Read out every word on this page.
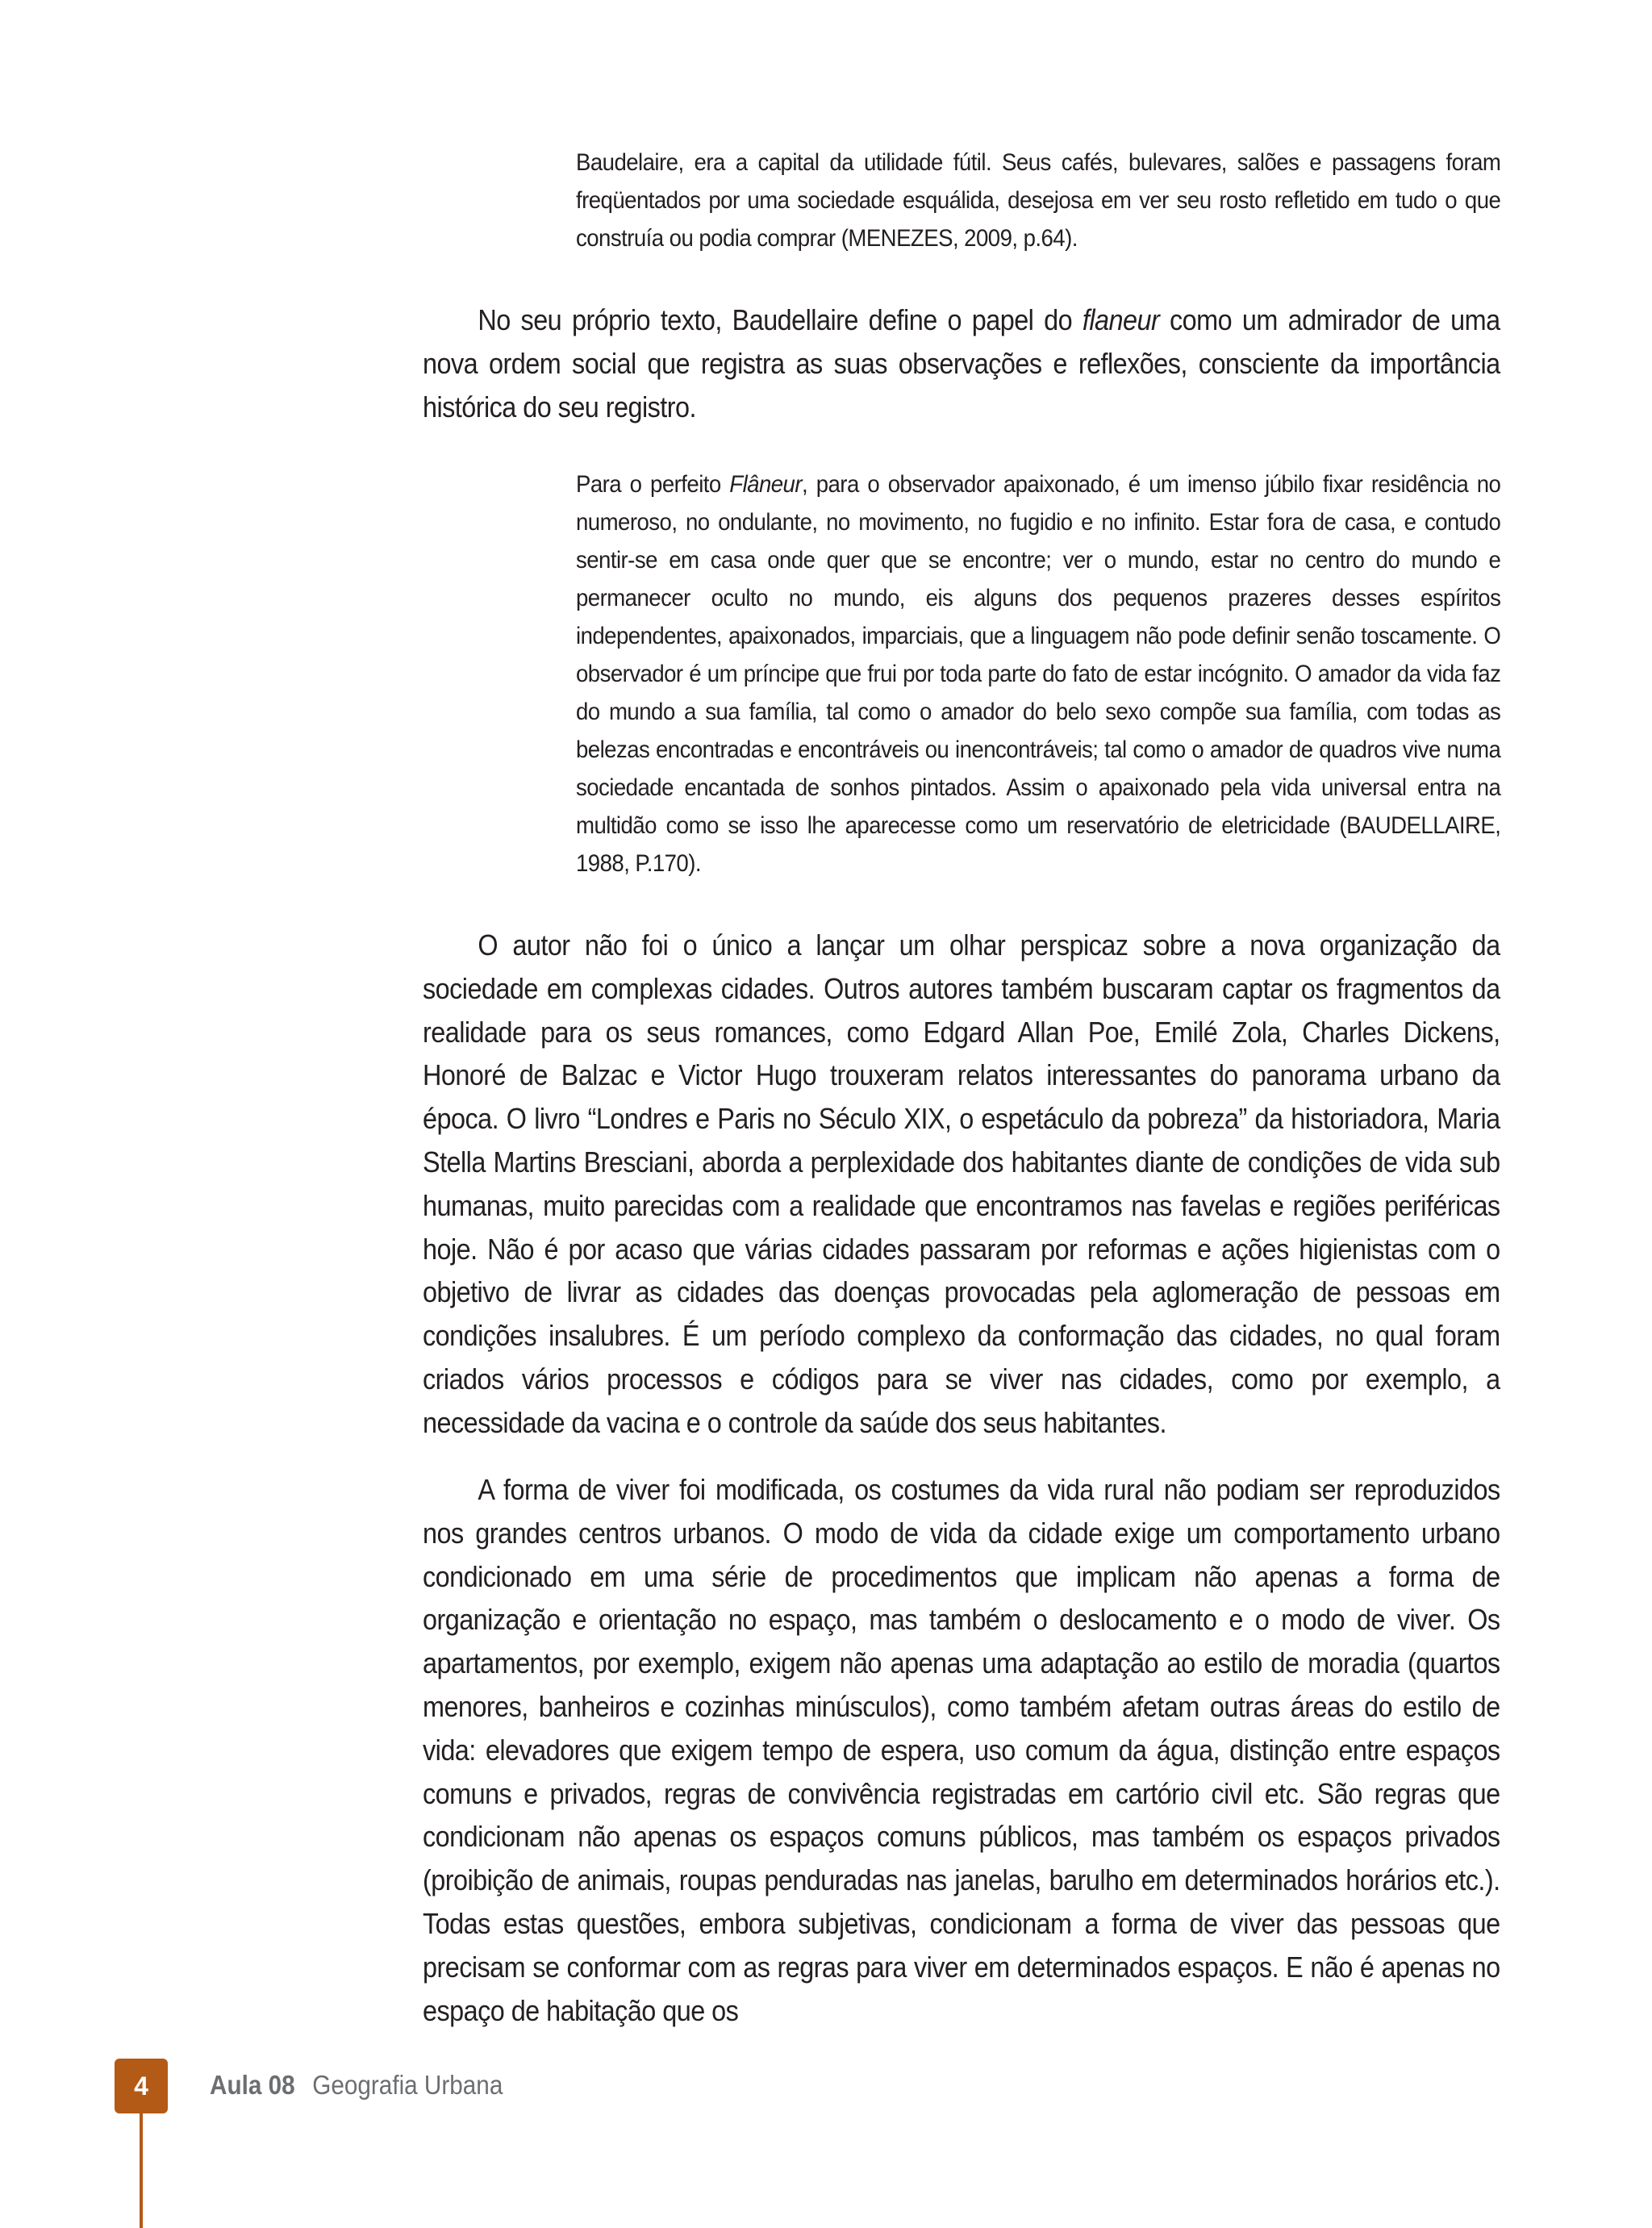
Baudelaire, era a capital da utilidade fútil. Seus cafés, bulevares, salões e passagens foram freqüentados por uma sociedade esquálida, desejosa em ver seu rosto refletido em tudo o que construía ou podia comprar (MENEZES, 2009, p.64).

No seu próprio texto, Baudellaire define o papel do flaneur como um admirador de uma nova ordem social que registra as suas observações e reflexões, consciente da importância histórica do seu registro.

Para o perfeito Flâneur, para o observador apaixonado, é um imenso júbilo fixar residência no numeroso, no ondulante, no movimento, no fugidio e no infinito. Estar fora de casa, e contudo sentir-se em casa onde quer que se encontre; ver o mundo, estar no centro do mundo e permanecer oculto no mundo, eis alguns dos pequenos prazeres desses espíritos independentes, apaixonados, imparciais, que a linguagem não pode definir senão toscamente. O observador é um príncipe que frui por toda parte do fato de estar incógnito. O amador da vida faz do mundo a sua família, tal como o amador do belo sexo compõe sua família, com todas as belezas encontradas e encontráveis ou inencontráveis; tal como o amador de quadros vive numa sociedade encantada de sonhos pintados. Assim o apaixonado pela vida universal entra na multidão como se isso lhe aparecesse como um reservatório de eletricidade (BAUDELLAIRE, 1988, P.170).

O autor não foi o único a lançar um olhar perspicaz sobre a nova organização da sociedade em complexas cidades. Outros autores também buscaram captar os fragmentos da realidade para os seus romances, como Edgard Allan Poe, Emilé Zola, Charles Dickens, Honoré de Balzac e Victor Hugo trouxeram relatos interessantes do panorama urbano da época. O livro “Londres e Paris no Século XIX, o espetáculo da pobreza” da historiadora, Maria Stella Martins Bresciani, aborda a perplexidade dos habitantes diante de condições de vida sub humanas, muito parecidas com a realidade que encontramos nas favelas e regiões periféricas hoje. Não é por acaso que várias cidades passaram por reformas e ações higienistas com o objetivo de livrar as cidades das doenças provocadas pela aglomeração de pessoas em condições insalubres. É um período complexo da conformação das cidades, no qual foram criados vários processos e códigos para se viver nas cidades, como por exemplo, a necessidade da vacina e o controle da saúde dos seus habitantes.

A forma de viver foi modificada, os costumes da vida rural não podiam ser reproduzidos nos grandes centros urbanos. O modo de vida da cidade exige um comportamento urbano condicionado em uma série de procedimentos que implicam não apenas a forma de organização e orientação no espaço, mas também o deslocamento e o modo de viver. Os apartamentos, por exemplo, exigem não apenas uma adaptação ao estilo de moradia (quartos menores, banheiros e cozinhas minúsculos), como também afetam outras áreas do estilo de vida: elevadores que exigem tempo de espera, uso comum da água, distinção entre espaços comuns e privados, regras de convivência registradas em cartório civil etc. São regras que condicionam não apenas os espaços comuns públicos, mas também os espaços privados (proibição de animais, roupas penduradas nas janelas, barulho em determinados horários etc.). Todas estas questões, embora subjetivas, condicionam a forma de viver das pessoas que precisam se conformar com as regras para viver em determinados espaços. E não é apenas no espaço de habitação que os

4 Aula 08 Geografia Urbana
